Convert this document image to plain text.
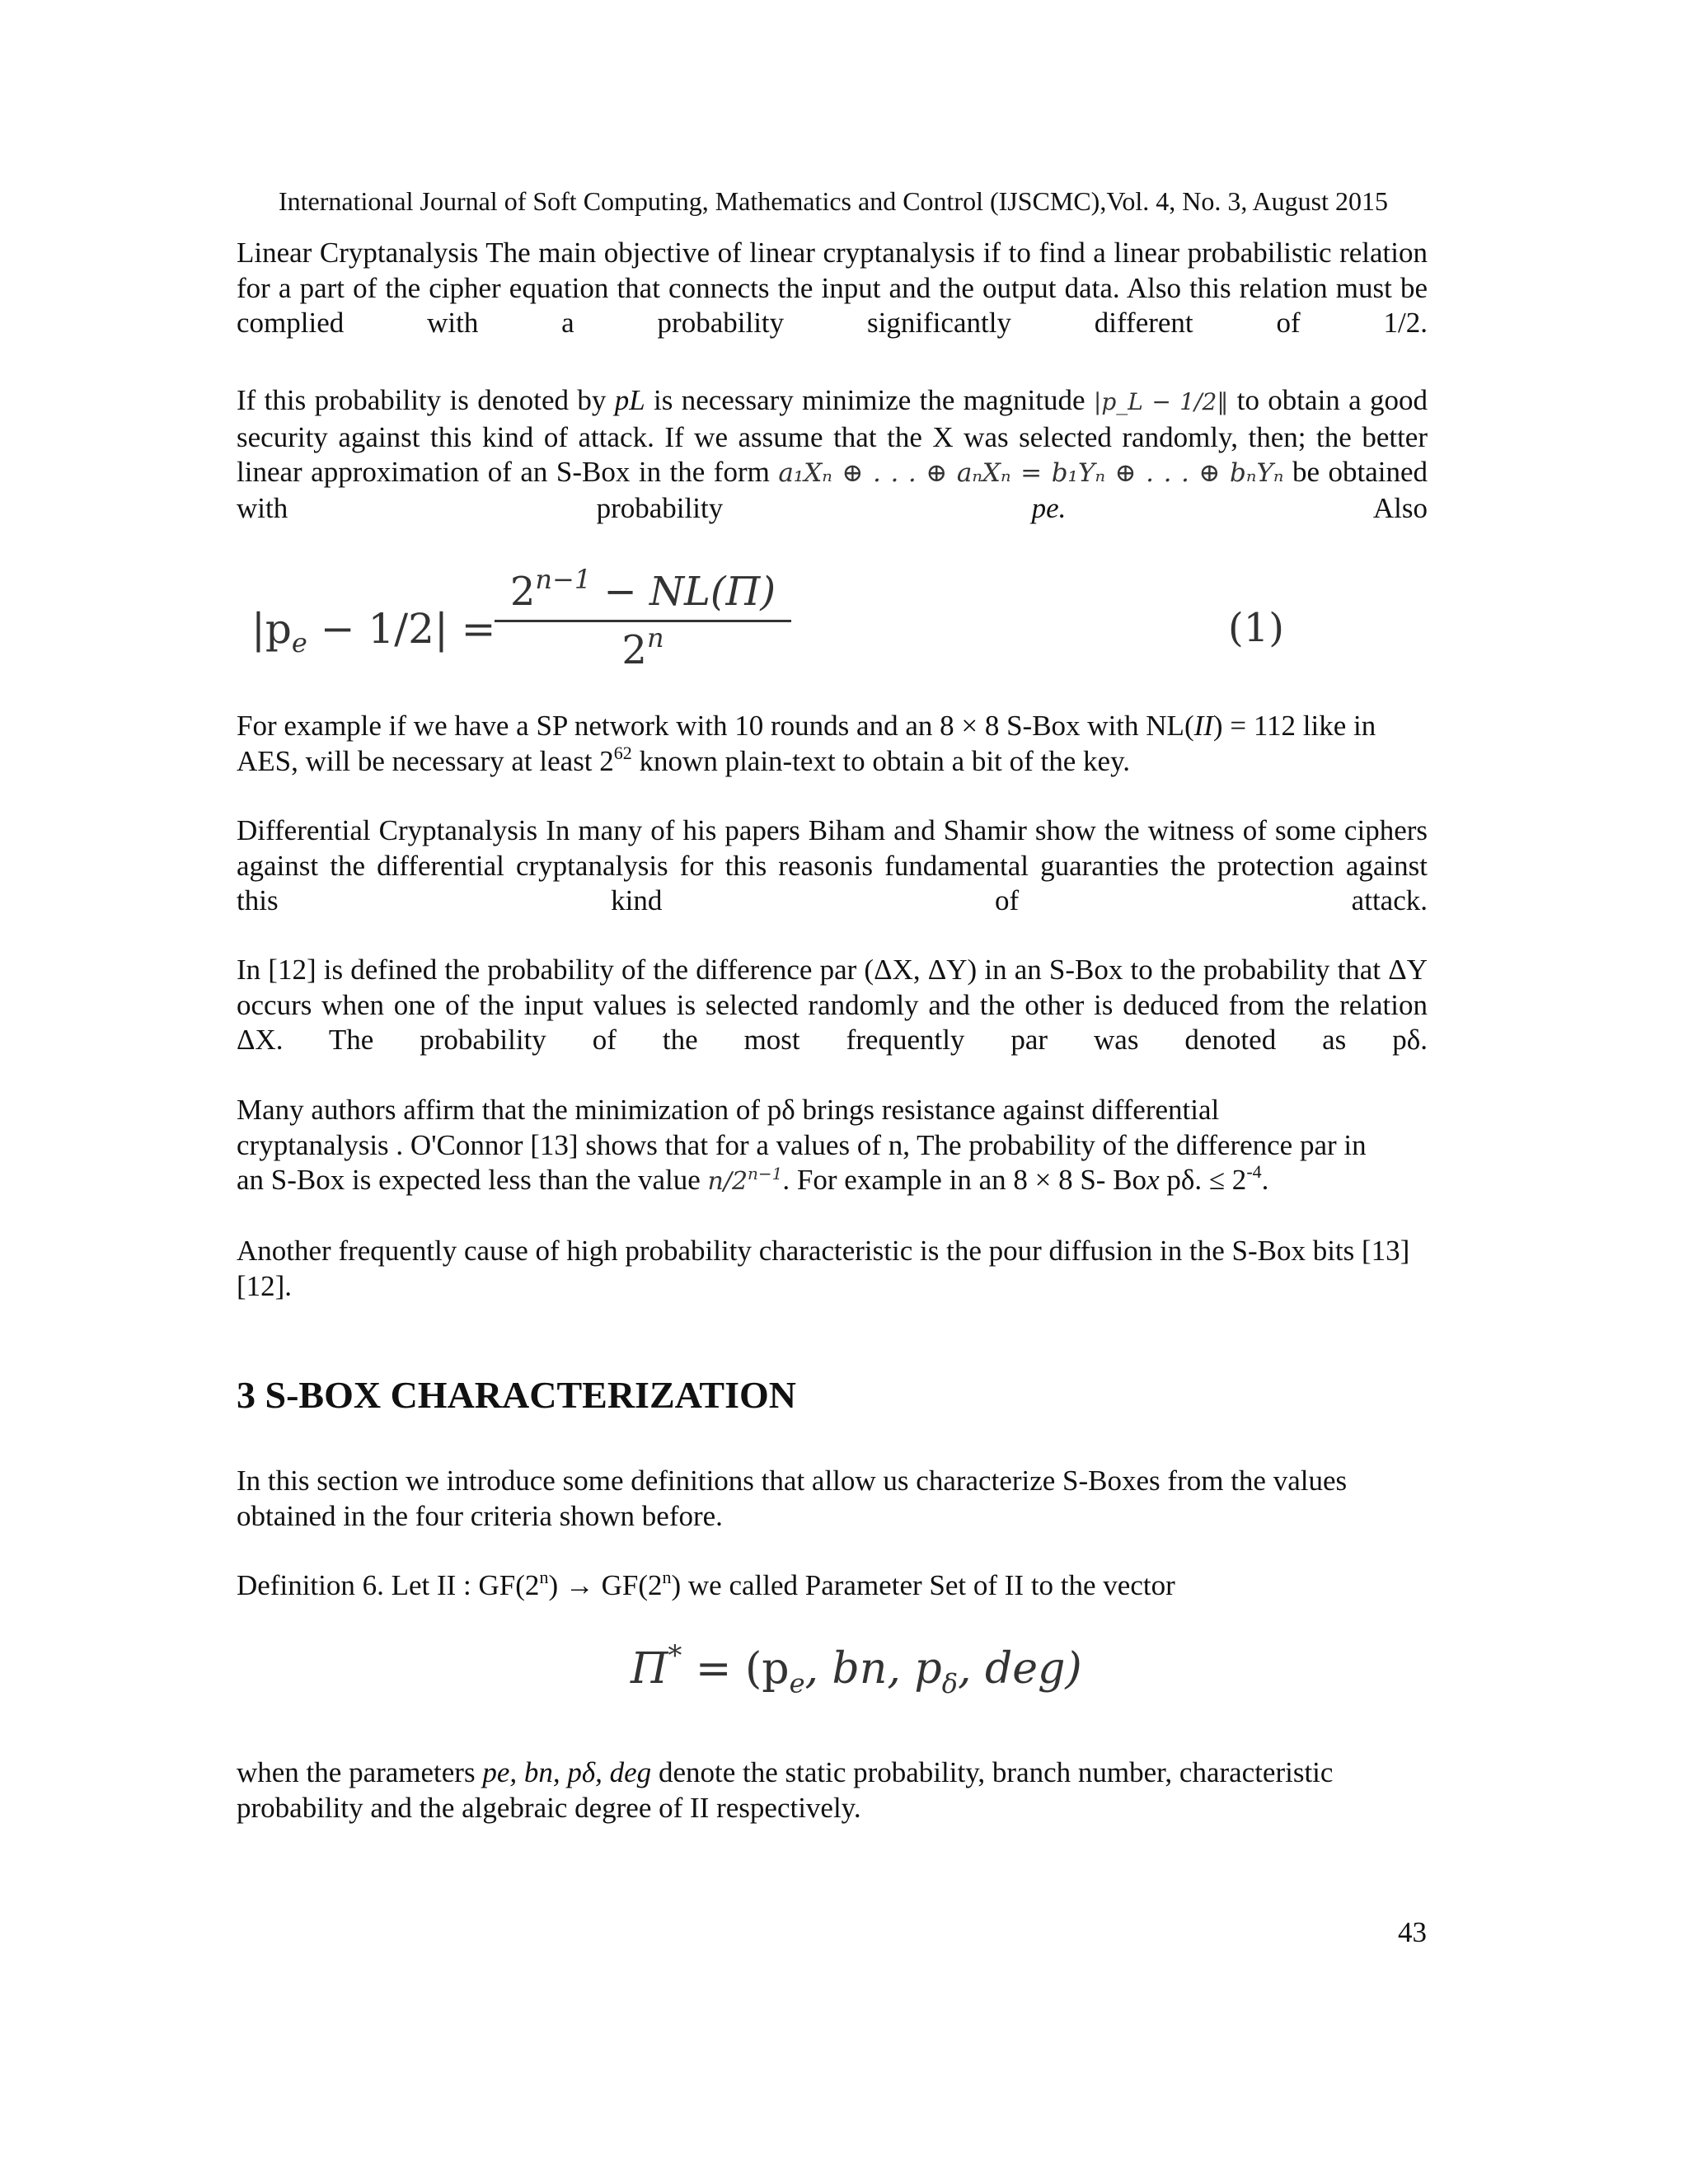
International Journal of Soft Computing, Mathematics and Control (IJSCMC),Vol. 4, No. 3, August 2015
Linear Cryptanalysis The main objective of linear cryptanalysis if to find a linear probabilistic relation for a part of the cipher equation that connects the input and the output data. Also this relation must be complied with a probability significantly different of 1/2.
If this probability is denoted by pL is necessary minimize the magnitude |p_L − 1/2‖ to obtain a good security against this kind of attack. If we assume that the X was selected randomly, then; the better linear approximation of an S-Box in the form a₁Xₙ ⊕ . . . ⊕ aₙXₙ = b₁Yₙ ⊕ . . . ⊕ bₙYₙ be obtained with probability	pe.	Also
$|p_e - 1/2|$ =
$\frac{2^{n-1} - NL(\Pi)}{2^n}$	(1)
For example if we have a SP network with 10 rounds and an 8 × 8 S-Box with NL(II) = 112 like in AES, will be necessary at least $2^{62}$ known plain-text to obtain a bit of the key.
Differential Cryptanalysis In many of his papers Biham and Shamir show the witness of some ciphers against the differential cryptanalysis for this reasonis fundamental guaranties the protection against this kind of attack.
In [12] is defined the probability of the difference par (ΔX, ΔY) in an S-Box to the probability that ΔY occurs when one of the input values is selected randomly and the other is deduced from the relation ΔX. The probability of the most frequently par was denoted as pδ.
Many authors affirm that the minimization of pδ brings resistance against differential
cryptanalysis . O'Connor [13] shows that for a values of n, The probability of the difference par in
an S-Box is expected less than the value $n/2^{n-1}$. For example in an 8 × 8 S- Box pδ. ≤ $2^{-4}$.
Another frequently cause of high probability characteristic is the pour diffusion in the S-Box bits [13][12].
3 S-BOX CHARACTERIZATION
In this section we introduce some definitions that allow us characterize S-Boxes from the values obtained in the four criteria shown before.
Definition 6. Let II : $GF(2^n) \to GF(2^n)$ we called Parameter Set of II to the vector
$\Pi^* = (p_e$, bn, $p_\delta$, deg)
when the parameters pe, bn, pδ, deg denote the static probability, branch number, characteristic probability and the algebraic degree of II respectively.
43
